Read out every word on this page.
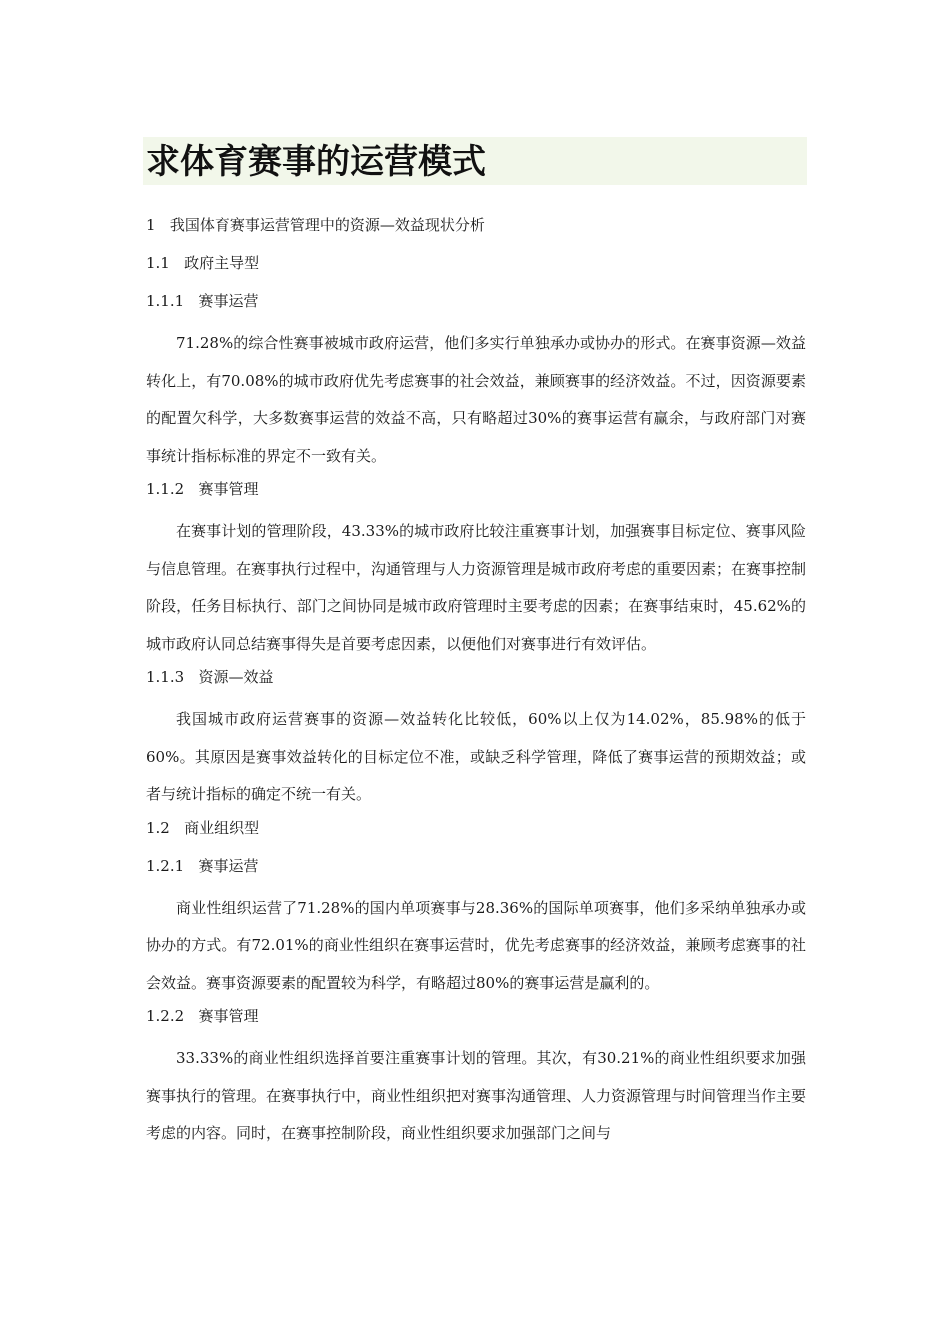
求体育赛事的运营模式
1   我国体育赛事运营管理中的资源—效益现状分析
1.1   政府主导型
1.1.1   赛事运营

71.28%的综合性赛事被城市政府运营，他们多实行单独承办或协办的形式。在赛事资源—效益转化上，有70.08%的城市政府优先考虑赛事的社会效益，兼顾赛事的经济效益。不过，因资源要素的配置欠科学，大多数赛事运营的效益不高，只有略超过30%的赛事运营有赢余，与政府部门对赛事统计指标标准的界定不一致有关。

1.1.2   赛事管理

在赛事计划的管理阶段，43.33%的城市政府比较注重赛事计划，加强赛事目标定位、赛事风险与信息管理。在赛事执行过程中，沟通管理与人力资源管理是城市政府考虑的重要因素；在赛事控制阶段，任务目标执行、部门之间协同是城市政府管理时主要考虑的因素；在赛事结束时，45.62%的城市政府认同总结赛事得失是首要考虑因素，以便他们对赛事进行有效评估。

1.1.3   资源—效益

我国城市政府运营赛事的资源—效益转化比较低，60%以上仅为14.02%，85.98%的低于60%。其原因是赛事效益转化的目标定位不准，或缺乏科学管理，降低了赛事运营的预期效益；或者与统计指标的确定不统一有关。

1.2   商业组织型
1.2.1   赛事运营

商业性组织运营了71.28%的国内单项赛事与28.36%的国际单项赛事，他们多采纳单独承办或协办的方式。有72.01%的商业性组织在赛事运营时，优先考虑赛事的经济效益，兼顾考虑赛事的社会效益。赛事资源要素的配置较为科学，有略超过80%的赛事运营是赢利的。

1.2.2   赛事管理

33.33%的商业性组织选择首要注重赛事计划的管理。其次，有30.21%的商业性组织要求加强赛事执行的管理。在赛事执行中，商业性组织把对赛事沟通管理、人力资源管理与时间管理当作主要考虑的内容。同时，在赛事控制阶段，商业性组织要求加强部门之间与
